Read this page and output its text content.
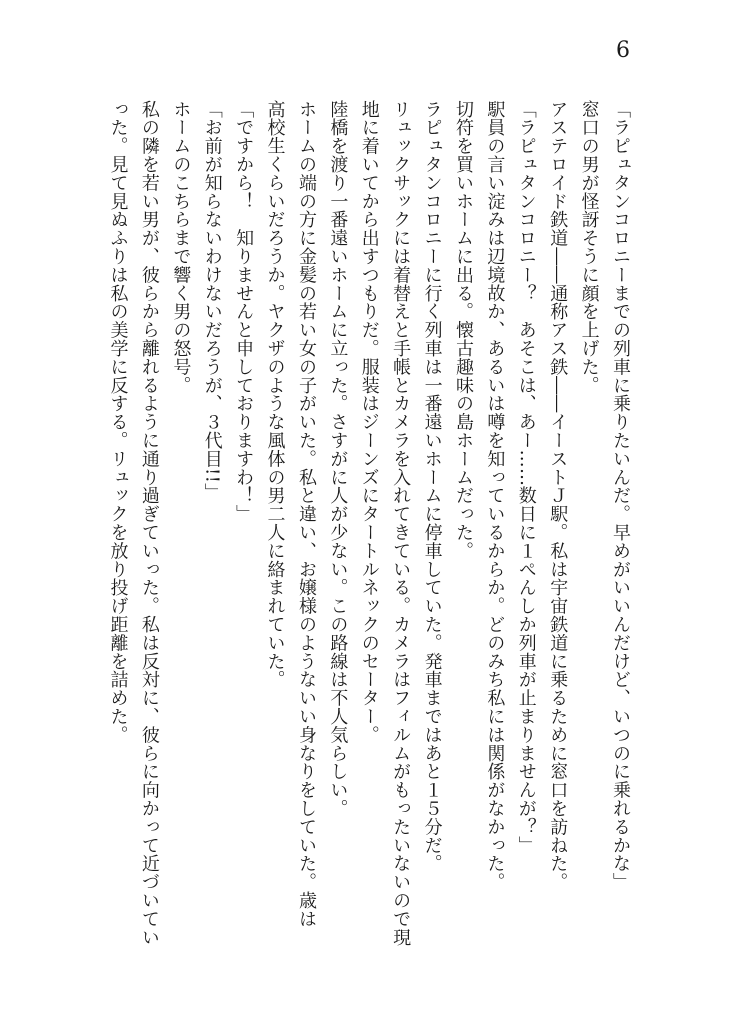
6
「ラピュタンコロニーまでの列車に乗りたいんだ。早めがいいんだけど、いつのに乗れるかな」
窓口の男が怪訝そうに顔を上げた。
アステロイド鉄道――通称アス鉄――イーストＪ駅。私は宇宙鉄道に乗るために窓口を訪ねた。
「ラピュタンコロニー？　あそこは、あー……数日に１ぺんしか列車が止まりませんが？」
駅員の言い淀みは辺境故か、あるいは噂を知っているからか。どのみち私には関係がなかった。
切符を買いホームに出る。懐古趣味の島ホームだった。
ラピュタンコロニーに行く列車は一番遠いホームに停車していた。発車まではあと１５分だ。
リュックサックには着替えと手帳とカメラを入れてきている。カメラはフィルムがもったいないので現
地に着いてから出すつもりだ。服装はジーンズにタートルネックのセーター。
陸橋を渡り一番遠いホームに立った。さすがに人が少ない。この路線は不人気らしい。
ホームの端の方に金髪の若い女の子がいた。私と違い、お嬢様のようないい身なりをしていた。歳は
高校生くらいだろうか。ヤクザのような風体の男二人に絡まれていた。
「ですから！　知りませんと申しておりますわ！」
「お前が知らないわけないだろうが、３代目!!」
ホームのこちらまで響く男の怒号。
私の隣を若い男が、彼らから離れるように通り過ぎていった。私は反対に、彼らに向かって近づいてい
った。見て見ぬふりは私の美学に反する。リュックを放り投げ距離を詰めた。
